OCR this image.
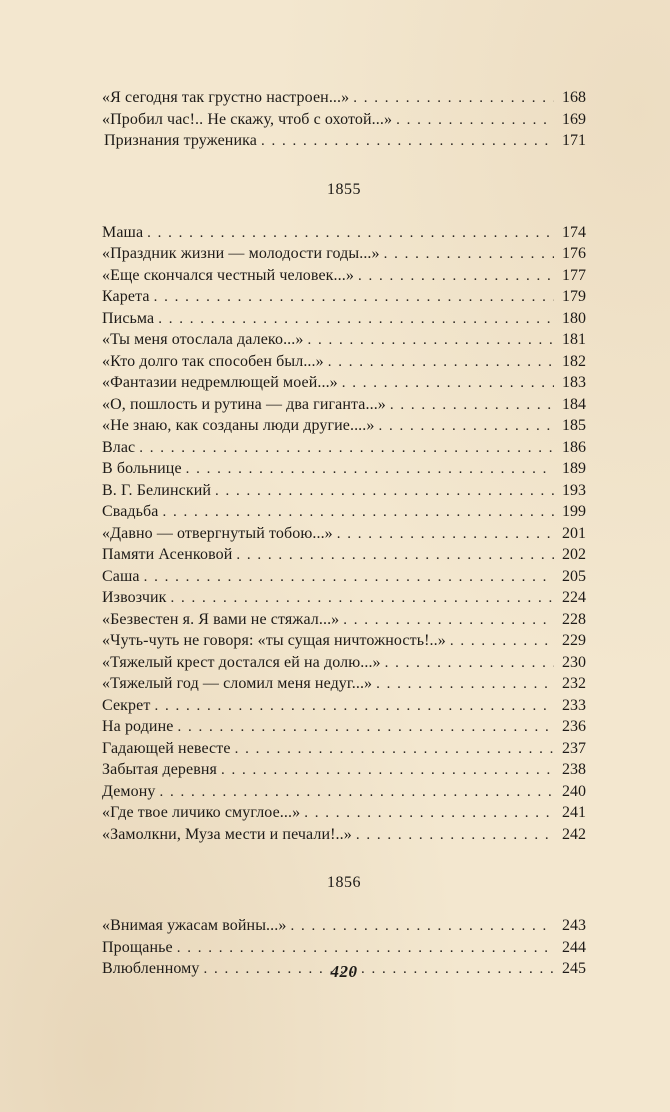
«Я сегодня так грустно настроен...» . . .	168
«Пробил час!.. Не скажу, чтоб с охотой...» . . .	169
Признания труженика . . .	171
1855
Маша . . .	174
«Праздник жизни — молодости годы...» . . .	176
«Еще скончался честный человек...» . . .	177
Карета . . .	179
Письма . . .	180
«Ты меня отослала далеко...» . . .	181
«Кто долго так способен был...» . . .	182
«Фантазии недремлющей моей...» . . .	183
«О, пошлость и рутина — два гиганта...» . . .	184
«Не знаю, как созданы люди другие....» . . .	185
Влас . . .	186
В больнице . . .	189
В. Г. Белинский . . .	193
Свадьба . . .	199
«Давно — отвергнутый тобою...» . . .	201
Памяти Асенковой . . .	202
Саша . . .	205
Извозчик . . .	224
«Безвестен я. Я вами не стяжал...» . . .	228
«Чуть-чуть не говоря: «ты сущая ничтожность!..» . . .	229
«Тяжелый крест достался ей на долю...» . . .	230
«Тяжелый год — сломил меня недуг...» . . .	232
Секрет . . .	233
На родине . . .	236
Гадающей невесте . . .	237
Забытая деревня . . .	238
Демону . . .	240
«Где твое личико смуглое...» . . .	241
«Замолкни, Муза мести и печали!..» . . .	242
1856
«Внимая ужасам войны...» . . .	243
Прощанье . . .	244
Влюбленному . . .	245
420
